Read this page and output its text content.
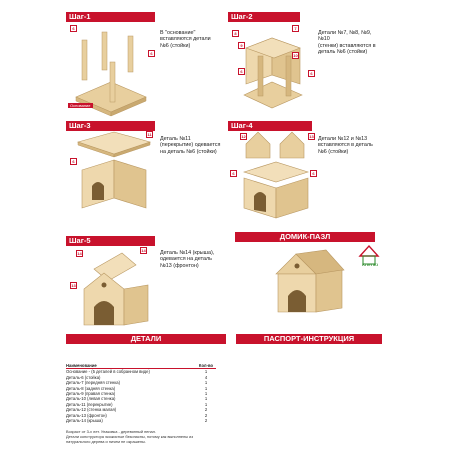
Шаг-1
В "основание"
вставляются детали
№6 (стойки)
6
6
Основание
Шаг-2
Детали №7, №8, №9,
№10
(стенки) вставляются в
деталь №6 (стойки)
8
7
9
10
6	6
Шаг-3
Деталь №11
(перекрытие) одевается
на деталь №6 (стойки)
11
6
Шаг-4
Детали №12 и №13
вставляются в деталь
№6 (стойки)
12	13
6	6
Шаг-5
Деталь №14 (крыша),
одевается на деталь
№13 (фронтон)
14
14
13
ДОМИК-ПАЗЛ
KiTeTiKi
ДЕТАЛИ	ПАСПОРТ-ИНСТРУКЦИЯ
Наименование	Кол-во
Основание - (5 деталей в собранном виде)	1
Деталь-6 (стойка)	4
Деталь-7 (передняя стенка)	1
Деталь-8 (задняя стенка)	1
Деталь-9 (правая стенка)	1
Деталь-10 (левая стенка)	1
Деталь-11 (перекрытие)	1
Деталь-12 (стенка малая)	2
Деталь-13 (фронтон)	2
Деталь-14 (крыша)	2
Возраст от 3-х лет. Упаковка - деревянный пенал.
Детали конструктора экожистые безопасны, потому как выполнены из
натурального дерева и ничем не окрашены.
